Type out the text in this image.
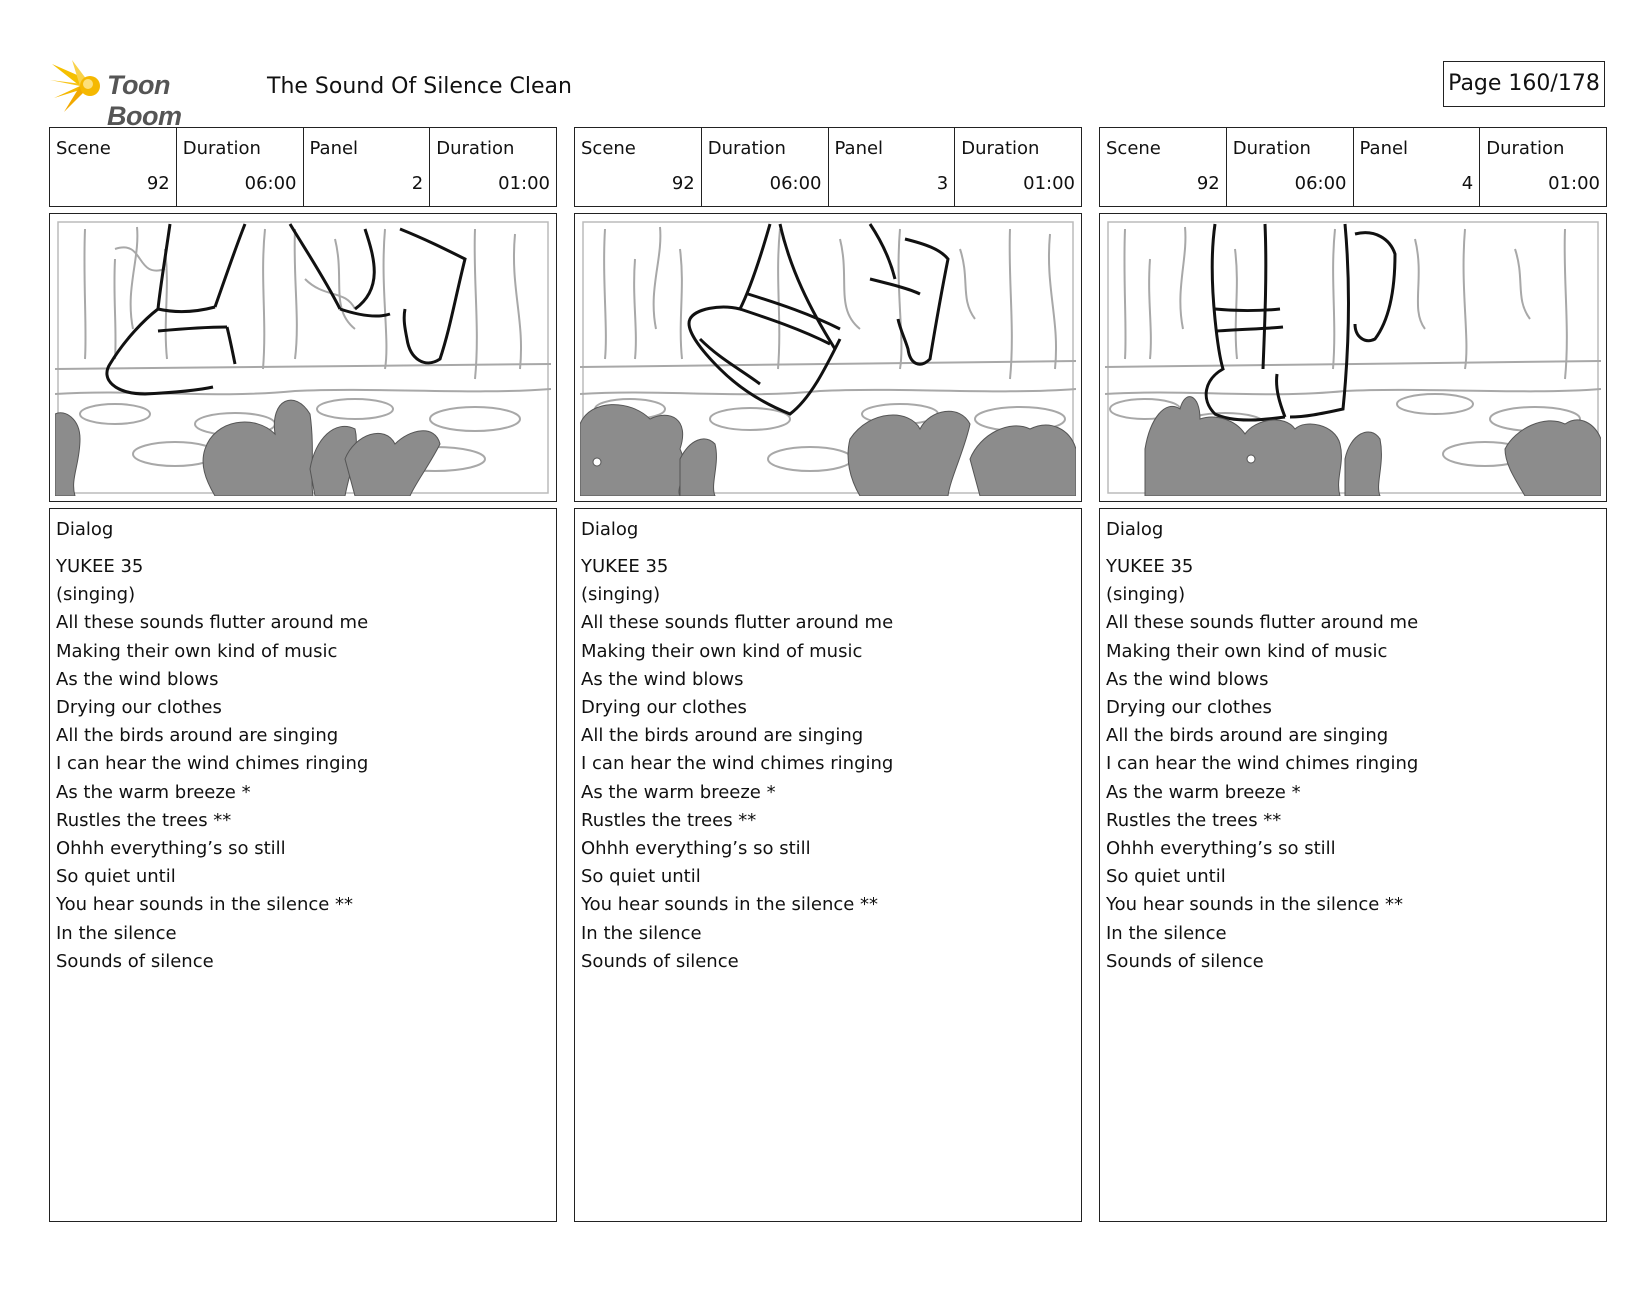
Toon Boom
The Sound Of Silence Clean	Page 160/178
Scene
92
Duration
06:00
Panel
2
Duration
01:00
Dialog
YUKEE 35
(singing)
All these sounds flutter around me
Making their own kind of music
As the wind blows
Drying our clothes
All the birds around are singing
I can hear the wind chimes ringing
As the warm breeze *
Rustles the trees **
Ohhh everything’s so still
So quiet until
You hear sounds in the silence **
In the silence
Sounds of silence
Scene
92
Duration
06:00
Panel
3
Duration
01:00
Dialog
YUKEE 35
(singing)
All these sounds flutter around me
Making their own kind of music
As the wind blows
Drying our clothes
All the birds around are singing
I can hear the wind chimes ringing
As the warm breeze *
Rustles the trees **
Ohhh everything’s so still
So quiet until
You hear sounds in the silence **
In the silence
Sounds of silence
Scene
92
Duration
06:00
Panel
4
Duration
01:00
Dialog
YUKEE 35
(singing)
All these sounds flutter around me
Making their own kind of music
As the wind blows
Drying our clothes
All the birds around are singing
I can hear the wind chimes ringing
As the warm breeze *
Rustles the trees **
Ohhh everything’s so still
So quiet until
You hear sounds in the silence **
In the silence
Sounds of silence
